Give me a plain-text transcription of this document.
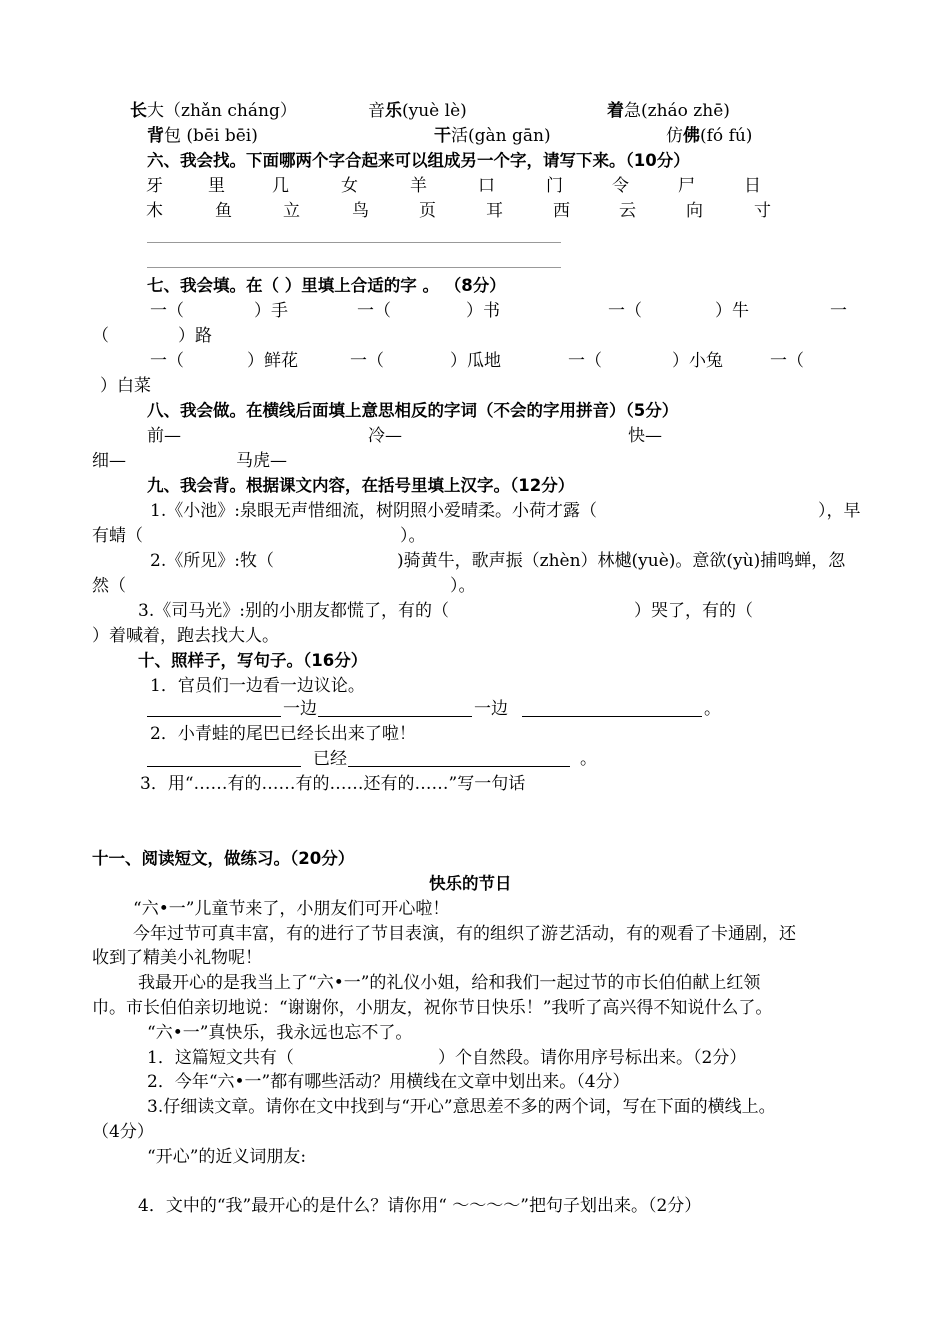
长大（zhǎn cháng）	音乐(yuè lè)	着急(zháo zhē)
背包 (bēi bēi)	干活(gàn gān)	仿佛(fó fú)
六、我会找。下面哪两个字合起来可以组成另一个字，请写下来。（10分）
牙	里	几	女	羊	口	门	令	尸	日
木	鱼	立	鸟	页	耳	西	云	向	寸
七、我会填。在（ ）里填上合适的字 。 （8分）
一（	）手	一（	）书	一（	）牛	一
（	）路
一（	）鲜花	一（	）瓜地	一（	）小兔	一（
）白菜
八、我会做。在横线后面填上意思相反的字词（不会的字用拼音）（5分）
前—	冷—	快—
细—	马虎—
九、我会背。根据课文内容，在括号里填上汉字。（12分）
1.《小池》:泉眼无声惜细流，树阴照小爱晴柔。小荷才露（	），早
有蜻（	）。
2.《所见》:牧（	)骑黄牛，歌声振（zhèn）林樾(yuè)。意欲(yù)捕鸣蝉，忽
然（	）。
3.《司马光》:别的小朋友都慌了，有的（	）哭了，有的（
）着喊着，跑去找大人。
十、照样子，写句子。（16分）
1．官员们一边看一边议论。
一边	一边	。
2．小青蛙的尾巴已经长出来了啦！
已经	。
3．用“……有的……有的……还有的……”写一句话
十一、阅读短文，做练习。（20分）
快乐的节日
“六•一”儿童节来了，小朋友们可开心啦！
今年过节可真丰富，有的进行了节目表演，有的组织了游艺活动，有的观看了卡通剧，还
收到了精美小礼物呢！
我最开心的是我当上了“六•一”的礼仪小姐，给和我们一起过节的市长伯伯献上红领
巾。市长伯伯亲切地说：“谢谢你，小朋友，祝你节日快乐！”我听了高兴得不知说什么了。
“六•一”真快乐，我永远也忘不了。
1．这篇短文共有（	）个自然段。请你用序号标出来。（2分）
2．今年“六•一”都有哪些活动？用横线在文章中划出来。（4分）
3.仔细读文章。请你在文中找到与“开心”意思差不多的两个词，写在下面的横线上。
（4分）
“开心”的近义词朋友:
4．文中的“我”最开心的是什么？请你用“ ～～～～”把句子划出来。（2分）
